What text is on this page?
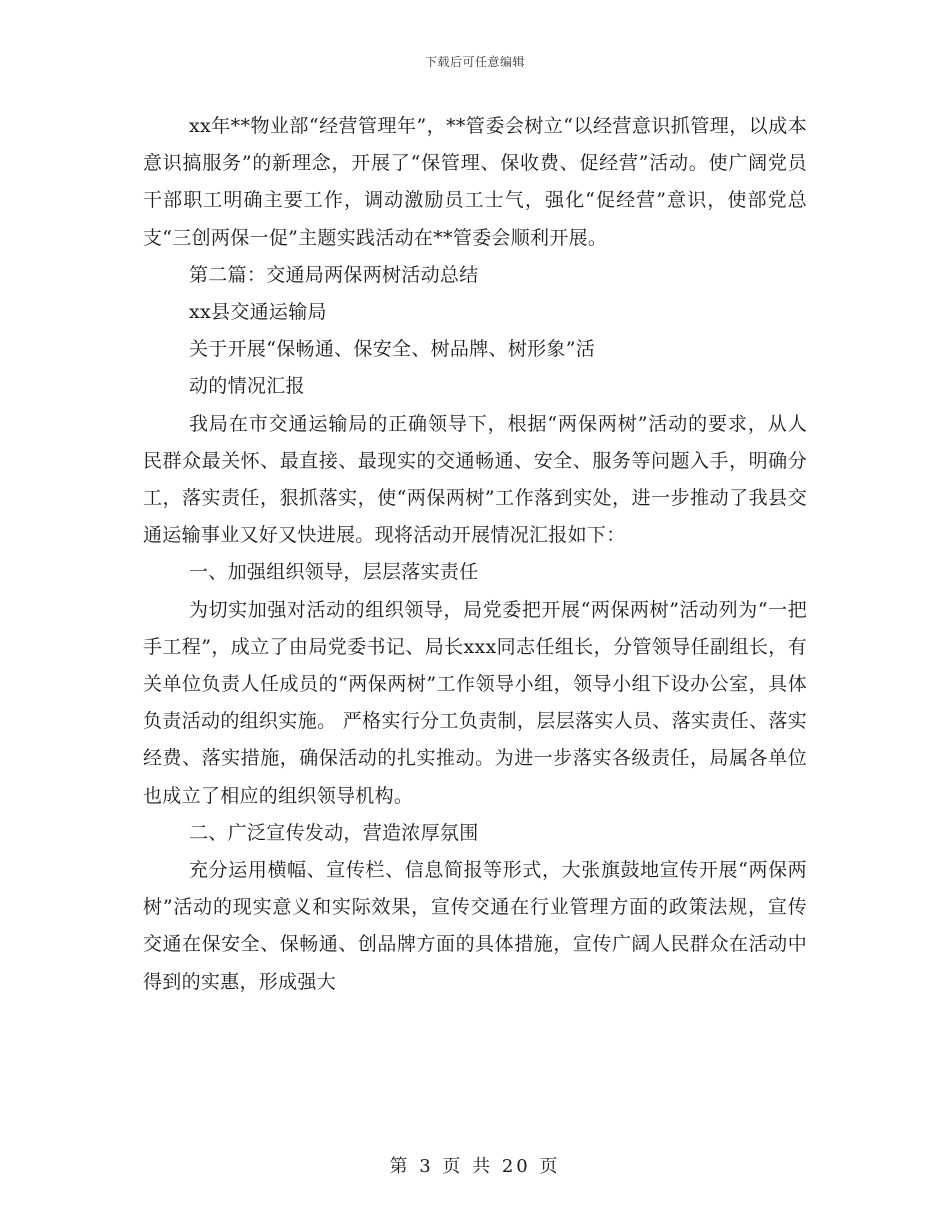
下载后可任意编辑

xx年**物业部“经营管理年”，**管委会树立“以经营意识抓管理，以成本意识搞服务”的新理念，开展了“保管理、保收费、促经营”活动。使广阔党员干部职工明确主要工作，调动激励员工士气，强化“促经营”意识，使部党总支“三创两保一促”主题实践活动在**管委会顺利开展。

第二篇：交通局两保两树活动总结

xx县交通运输局

关于开展“保畅通、保安全、树品牌、树形象”活

动的情况汇报

我局在市交通运输局的正确领导下，根据“两保两树”活动的要求，从人民群众最关怀、最直接、最现实的交通畅通、安全、服务等问题入手，明确分工，落实责任，狠抓落实，使“两保两树”工作落到实处，进一步推动了我县交通运输事业又好又快进展。现将活动开展情况汇报如下：

一、加强组织领导，层层落实责任

为切实加强对活动的组织领导，局党委把开展“两保两树”活动列为“一把手工程”，成立了由局党委书记、局长xxx同志任组长，分管领导任副组长，有关单位负责人任成员的“两保两树”工作领导小组，领导小组下设办公室，具体负责活动的组织实施。 严格实行分工负责制，层层落实人员、落实责任、落实经费、落实措施，确保活动的扎实推动。为进一步落实各级责任，局属各单位也成立了相应的组织领导机构。

二、广泛宣传发动，营造浓厚氛围

充分运用横幅、宣传栏、信息简报等形式，大张旗鼓地宣传开展“两保两树”活动的现实意义和实际效果，宣传交通在行业管理方面的政策法规，宣传交通在保安全、保畅通、创品牌方面的具体措施，宣传广阔人民群众在活动中得到的实惠，形成强大

第 3 页 共 20 页
